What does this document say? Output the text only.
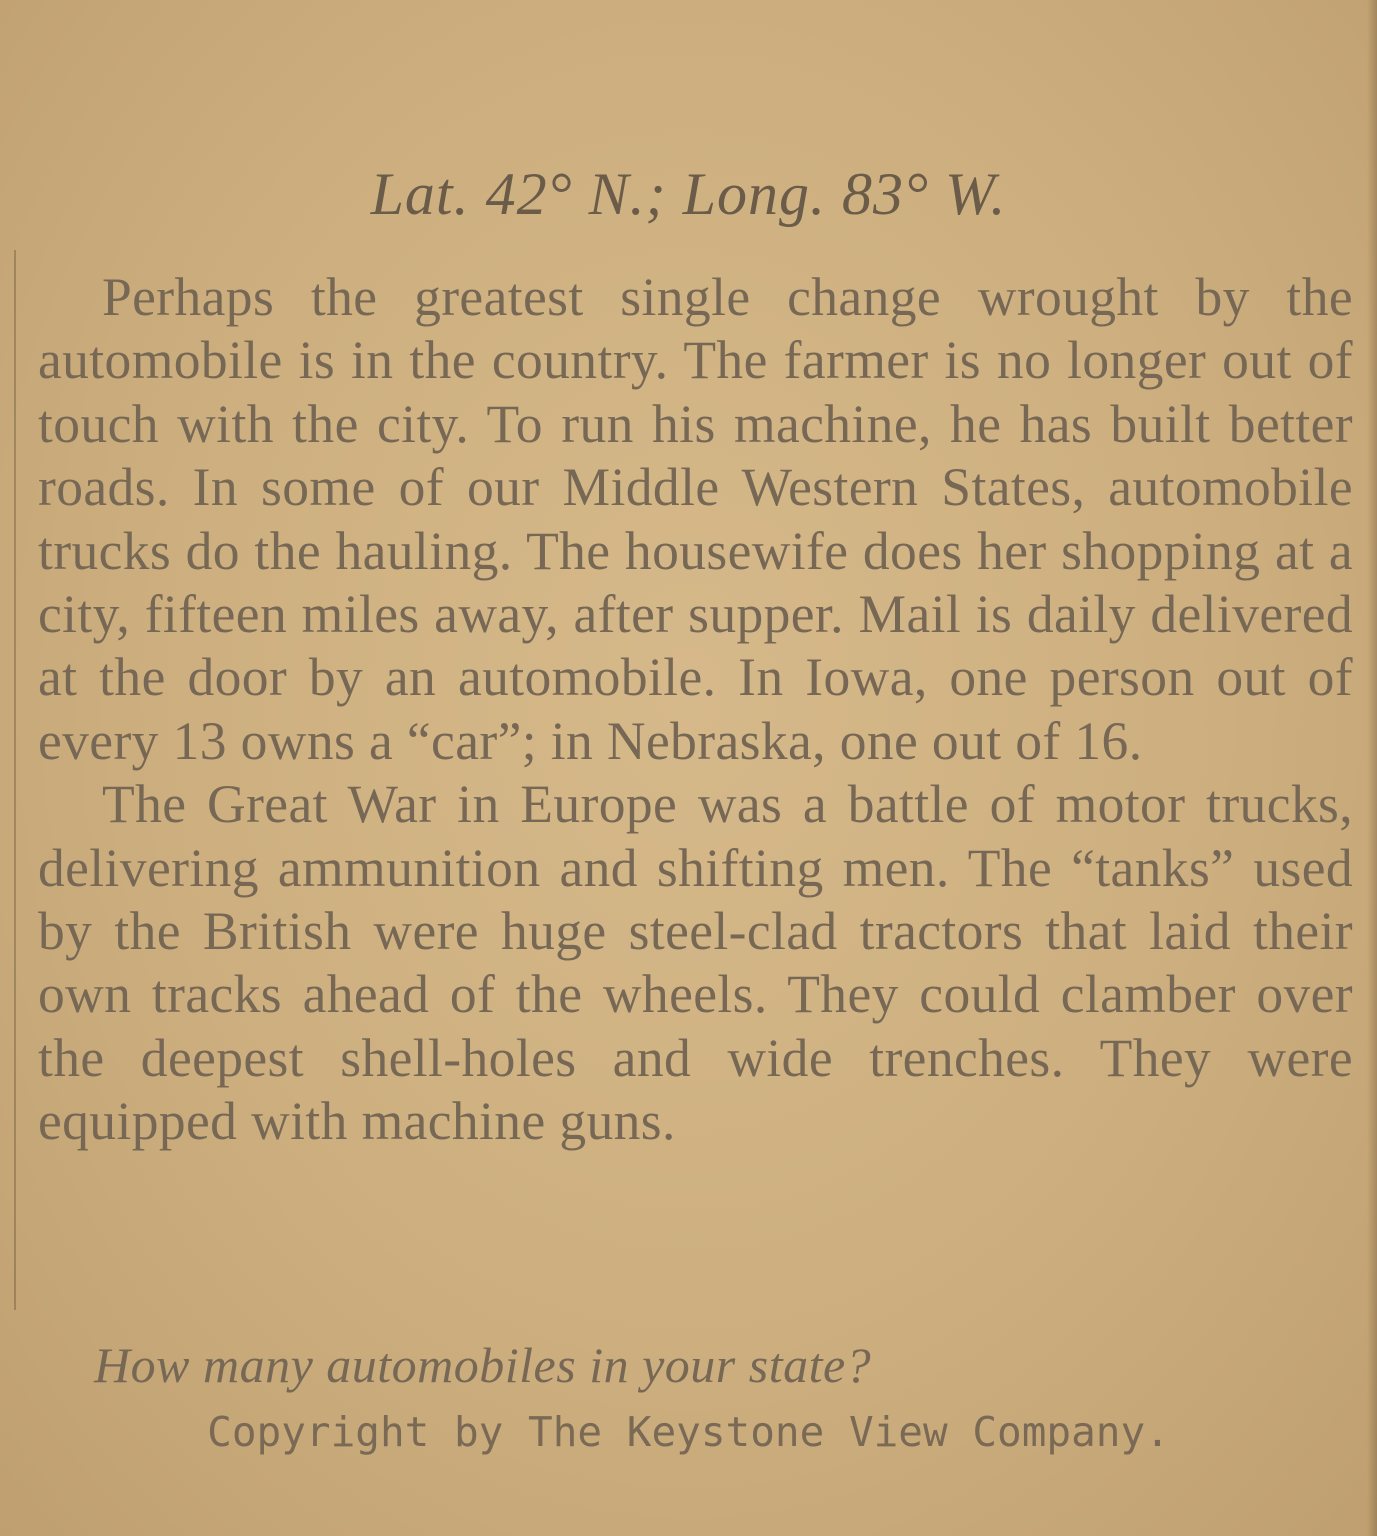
Lat. 42° N.; Long. 83° W.

Perhaps the greatest single change wrought by the automobile is in the country. The farmer is no longer out of touch with the city. To run his machine, he has built better roads. In some of our Middle Western States, automobile trucks do the hauling. The housewife does her shopping at a city, fifteen miles away, after supper. Mail is daily delivered at the door by an automobile. In Iowa, one person out of every 13 owns a “car”; in Nebraska, one out of 16.

The Great War in Europe was a battle of motor trucks, delivering ammunition and shifting men. The “tanks” used by the British were huge steel-clad tractors that laid their own tracks ahead of the wheels. They could clamber over the deepest shell-holes and wide trenches. They were equipped with machine guns.

How many automobiles in your state?
Copyright by The Keystone View Company.
